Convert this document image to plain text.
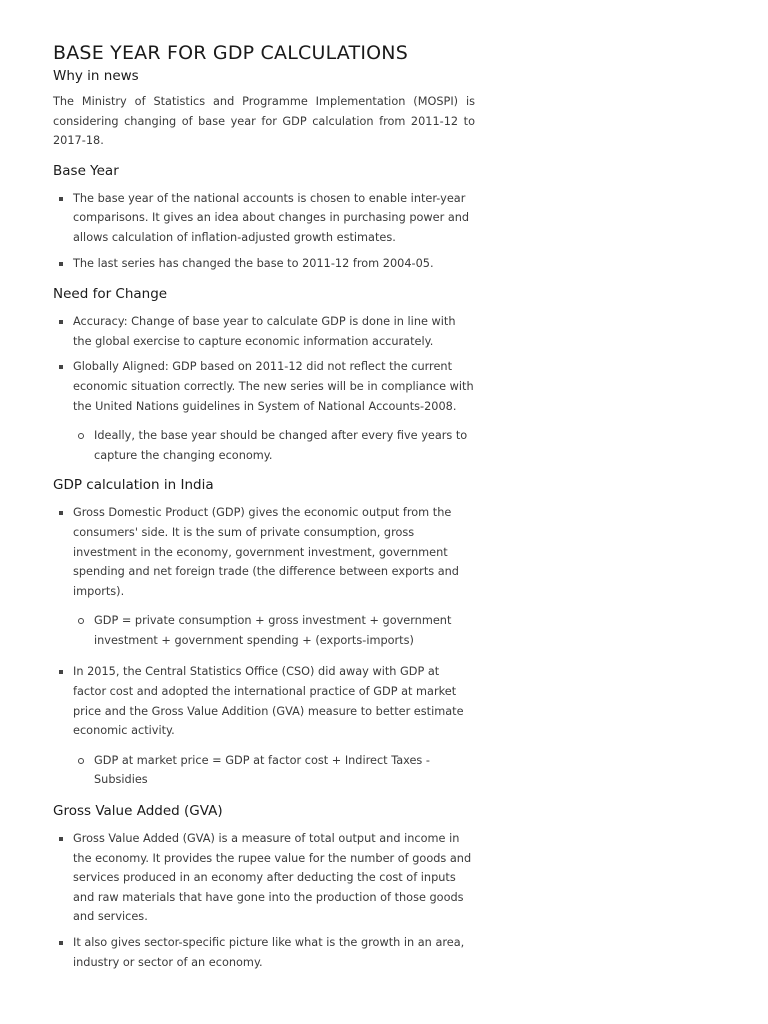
BASE YEAR FOR GDP CALCULATIONS
Why in news

The Ministry of Statistics and Programme Implementation (MOSPI) is considering changing of base year for GDP calculation from 2011-12 to 2017-18.

Base Year
The base year of the national accounts is chosen to enable inter-year comparisons. It gives an idea about changes in purchasing power and allows calculation of inflation-adjusted growth estimates.
The last series has changed the base to 2011-12 from 2004-05.
Need for Change
Accuracy: Change of base year to calculate GDP is done in line with the global exercise to capture economic information accurately.
Globally Aligned: GDP based on 2011-12 did not reflect the current economic situation correctly. The new series will be in compliance with the United Nations guidelines in System of National Accounts-2008.
Ideally, the base year should be changed after every five years to capture the changing economy.
GDP calculation in India
Gross Domestic Product (GDP) gives the economic output from the consumers' side. It is the sum of private consumption, gross investment in the economy, government investment, government spending and net foreign trade (the difference between exports and imports).
GDP = private consumption + gross investment + government investment + government spending + (exports-imports)
In 2015, the Central Statistics Office (CSO) did away with GDP at factor cost and adopted the international practice of GDP at market price and the Gross Value Addition (GVA) measure to better estimate economic activity.
GDP at market price = GDP at factor cost + Indirect Taxes - Subsidies
Gross Value Added (GVA)
Gross Value Added (GVA) is a measure of total output and income in the economy. It provides the rupee value for the number of goods and services produced in an economy after deducting the cost of inputs and raw materials that have gone into the production of those goods and services.
It also gives sector-specific picture like what is the growth in an area, industry or sector of an economy.
